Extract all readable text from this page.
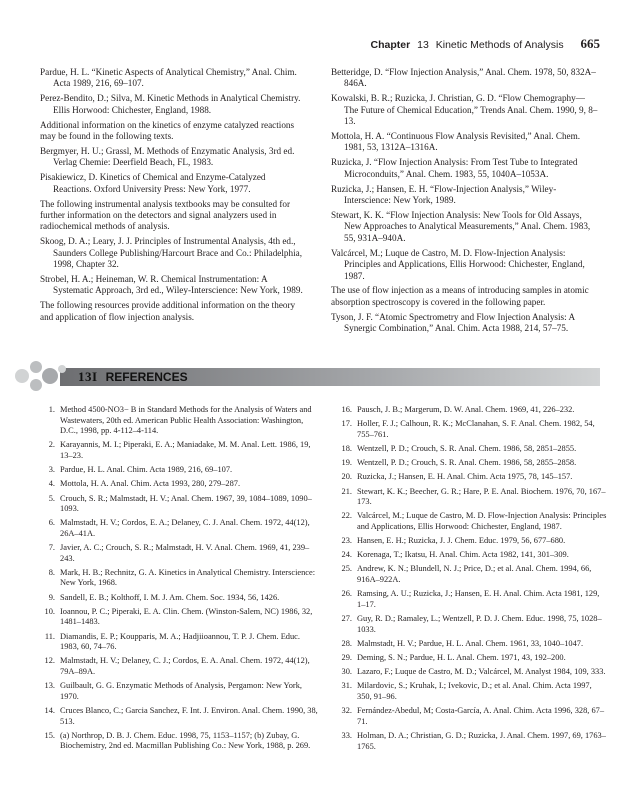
Chapter 13 Kinetic Methods of Analysis 665

Pardue, H. L. “Kinetic Aspects of Analytical Chemistry,” Anal. Chim. Acta 1989, 216, 69–107.

Perez-Bendito, D.; Silva, M. Kinetic Methods in Analytical Chemistry. Ellis Horwood: Chichester, England, 1988.

Additional information on the kinetics of enzyme catalyzed reactions may be found in the following texts.

Bergmyer, H. U.; Grassl, M. Methods of Enzymatic Analysis, 3rd ed. Verlag Chemie: Deerfield Beach, FL, 1983.

Pisakiewicz, D. Kinetics of Chemical and Enzyme-Catalyzed Reactions. Oxford University Press: New York, 1977.

The following instrumental analysis textbooks may be consulted for further information on the detectors and signal analyzers used in radiochemical methods of analysis.

Skoog, D. A.; Leary, J. J. Principles of Instrumental Analysis, 4th ed., Saunders College Publishing/Harcourt Brace and Co.: Philadelphia, 1998, Chapter 32.

Strobel, H. A.; Heineman, W. R. Chemical Instrumentation: A Systematic Approach, 3rd ed., Wiley-Interscience: New York, 1989.

The following resources provide additional information on the theory and application of flow injection analysis.

Betteridge, D. “Flow Injection Analysis,” Anal. Chem. 1978, 50, 832A–846A.

Kowalski, B. R.; Ruzicka, J. Christian, G. D. “Flow Chemography—The Future of Chemical Education,” Trends Anal. Chem. 1990, 9, 8–13.

Mottola, H. A. “Continuous Flow Analysis Revisited,” Anal. Chem. 1981, 53, 1312A–1316A.

Ruzicka, J. “Flow Injection Analysis: From Test Tube to Integrated Microconduits,” Anal. Chem. 1983, 55, 1040A–1053A.

Ruzicka, J.; Hansen, E. H. “Flow-Injection Analysis,” Wiley-Interscience: New York, 1989.

Stewart, K. K. “Flow Injection Analysis: New Tools for Old Assays, New Approaches to Analytical Measurements,” Anal. Chem. 1983, 55, 931A–940A.

Valcárcel, M.; Luque de Castro, M. D. Flow-Injection Analysis: Principles and Applications, Ellis Horwood: Chichester, England, 1987.

The use of flow injection as a means of introducing samples in atomic absorption spectroscopy is covered in the following paper.

Tyson, J. F. “Atomic Spectrometry and Flow Injection Analysis: A Synergic Combination,” Anal. Chim. Acta 1988, 214, 57–75.

13I REFERENCES
1. Method 4500-NO3− B in Standard Methods for the Analysis of Waters and Wastewaters, 20th ed. American Public Health Association: Washington, D.C., 1998, pp. 4-112–4-114.
2. Karayannis, M. I.; Piperaki, E. A.; Maniadake, M. M. Anal. Lett. 1986, 19, 13–23.
3. Pardue, H. L. Anal. Chim. Acta 1989, 216, 69–107.
4. Mottola, H. A. Anal. Chim. Acta 1993, 280, 279–287.
5. Crouch, S. R.; Malmstadt, H. V.; Anal. Chem. 1967, 39, 1084–1089, 1090–1093.
6. Malmstadt, H. V.; Cordos, E. A.; Delaney, C. J. Anal. Chem. 1972, 44(12), 26A–41A.
7. Javier, A. C.; Crouch, S. R.; Malmstadt, H. V. Anal. Chem. 1969, 41, 239–243.
8. Mark, H. B.; Rechnitz, G. A. Kinetics in Analytical Chemistry. Interscience: New York, 1968.
9. Sandell, E. B.; Kolthoff, I. M. J. Am. Chem. Soc. 1934, 56, 1426.
10. Ioannou, P. C.; Piperaki, E. A. Clin. Chem. (Winston-Salem, NC) 1986, 32, 1481–1483.
11. Diamandis, E. P.; Koupparis, M. A.; Hadjiioannou, T. P. J. Chem. Educ. 1983, 60, 74–76.
12. Malmstadt, H. V.; Delaney, C. J.; Cordos, E. A. Anal. Chem. 1972, 44(12), 79A–89A.
13. Guilbault, G. G. Enzymatic Methods of Analysis, Pergamon: New York, 1970.
14. Cruces Blanco, C.; Garcia Sanchez, F. Int. J. Environ. Anal. Chem. 1990, 38, 513.
15. (a) Northrop, D. B. J. Chem. Educ. 1998, 75, 1153–1157; (b) Zubay, G. Biochemistry, 2nd ed. Macmillan Publishing Co.: New York, 1988, p. 269.
16. Pausch, J. B.; Margerum, D. W. Anal. Chem. 1969, 41, 226–232.
17. Holler, F. J.; Calhoun, R. K.; McClanahan, S. F. Anal. Chem. 1982, 54, 755–761.
18. Wentzell, P. D.; Crouch, S. R. Anal. Chem. 1986, 58, 2851–2855.
19. Wentzell, P. D.; Crouch, S. R. Anal. Chem. 1986, 58, 2855–2858.
20. Ruzicka, J.; Hansen, E. H. Anal. Chim. Acta 1975, 78, 145–157.
21. Stewart, K. K.; Beecher, G. R.; Hare, P. E. Anal. Biochem. 1976, 70, 167–173.
22. Valcárcel, M.; Luque de Castro, M. D. Flow-Injection Analysis: Principles and Applications, Ellis Horwood: Chichester, England, 1987.
23. Hansen, E. H.; Ruzicka, J. J. Chem. Educ. 1979, 56, 677–680.
24. Korenaga, T.; Ikatsu, H. Anal. Chim. Acta 1982, 141, 301–309.
25. Andrew, K. N.; Blundell, N. J.; Price, D.; et al. Anal. Chem. 1994, 66, 916A–922A.
26. Ramsing, A. U.; Ruzicka, J.; Hansen, E. H. Anal. Chim. Acta 1981, 129, 1–17.
27. Guy, R. D.; Ramaley, L.; Wentzell, P. D. J. Chem. Educ. 1998, 75, 1028–1033.
28. Malmstadt, H. V.; Pardue, H. L. Anal. Chem. 1961, 33, 1040–1047.
29. Deming, S. N.; Pardue, H. L. Anal. Chem. 1971, 43, 192–200.
30. Lazaro, F.; Luque de Castro, M. D.; Valcárcel, M. Analyst 1984, 109, 333.
31. Milardovic, S.; Kruhak, I.; Ivekovic, D.; et al. Anal. Chim. Acta 1997, 350, 91–96.
32. Fernández-Abedul, M; Costa-García, A. Anal. Chim. Acta 1996, 328, 67–71.
33. Holman, D. A.; Christian, G. D.; Ruzicka, J. Anal. Chem. 1997, 69, 1763–1765.
